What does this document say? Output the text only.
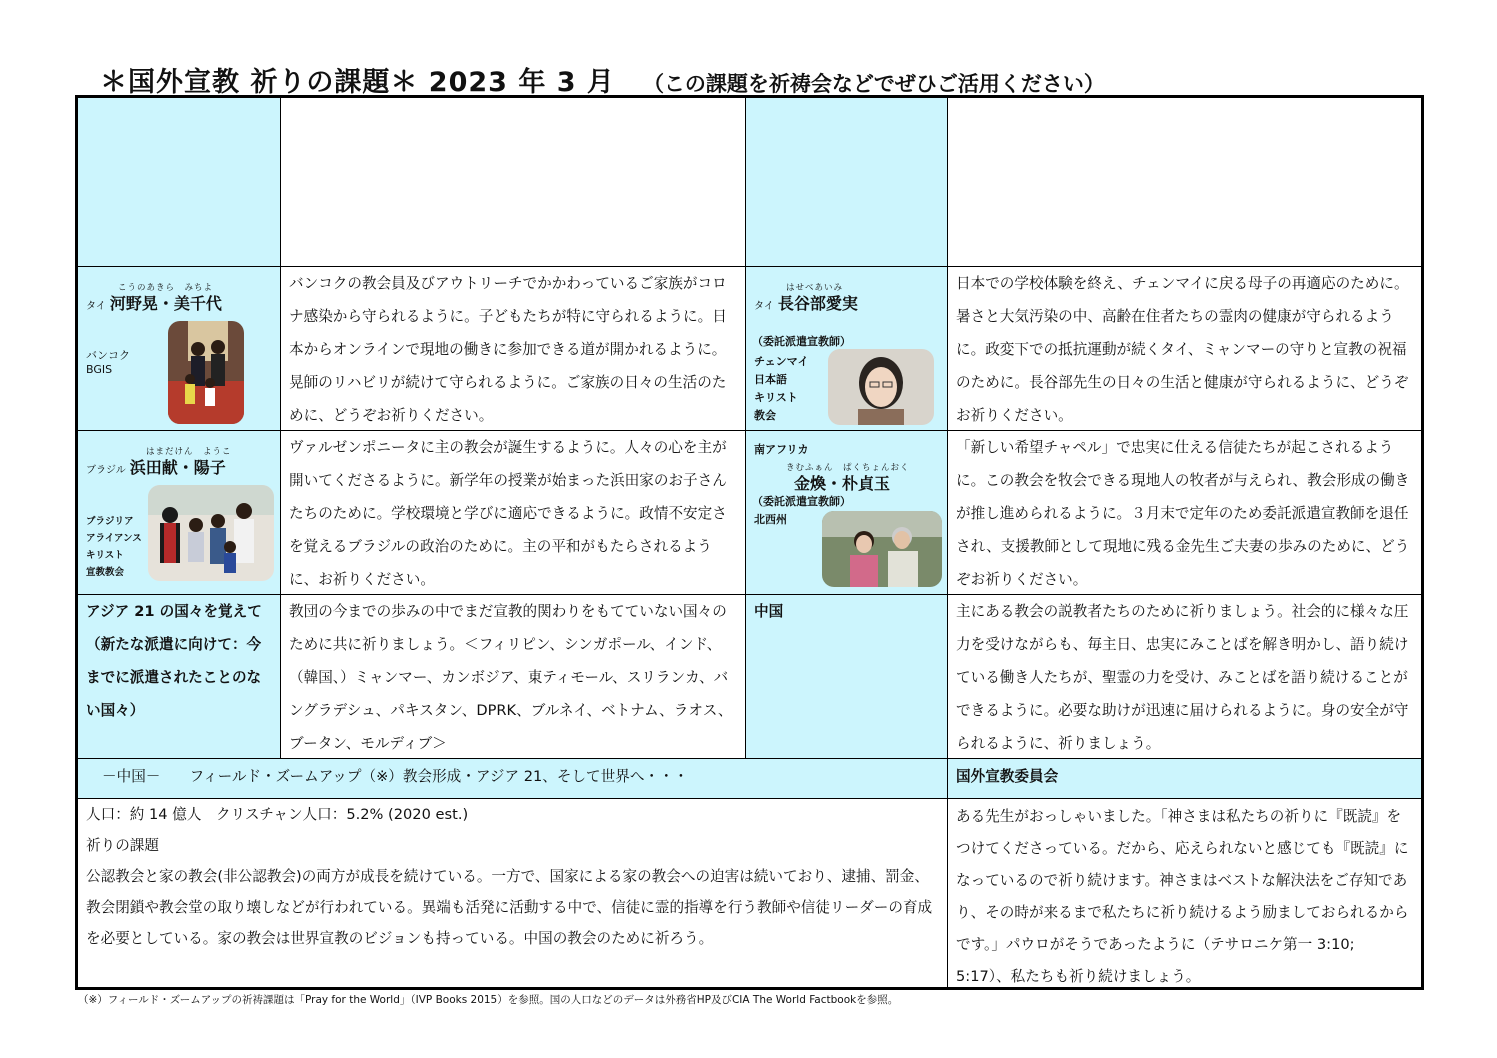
＊国外宣教 祈りの課題＊ 2023 年 3 月 （この課題を祈祷会などでぜひご活用ください）
こうのあきら　みちよ
タイ 河野晃・美千代
バンコク
BGIS
バンコクの教会員及びアウトリーチでかかわっているご家族がコロナ感染から守られるように。子どもたちが特に守られるように。日本からオンラインで現地の働きに参加できる道が開かれるように。晃師のリハビリが続けて守られるように。ご家族の日々の生活のために、どうぞお祈りください。
はせべあいみ
タイ 長谷部愛実
（委託派遣宣教師）
チェンマイ
日本語
キリスト
教会
日本での学校体験を終え、チェンマイに戻る母子の再適応のために。暑さと大気汚染の中、高齢在住者たちの霊肉の健康が守られるように。政変下での抵抗運動が続くタイ、ミャンマーの守りと宣教の祝福のために。長谷部先生の日々の生活と健康が守られるように、どうぞお祈りください。
はまだけん　ようこ
ブラジル 浜田献・陽子
ブラジリア
アライアンス
キリスト
宣教教会
ヴァルゼンポニータに主の教会が誕生するように。人々の心を主が開いてくださるように。新学年の授業が始まった浜田家のお子さんたちのために。学校環境と学びに適応できるように。政情不安定さを覚えるブラジルの政治のために。主の平和がもたらされるように、お祈りください。
南アフリカ
きむふぁん　ぱくちょんおく
金煥・朴貞玉
（委託派遣宣教師）
北西州
「新しい希望チャペル」で忠実に仕える信徒たちが起こされるように。この教会を牧会できる現地人の牧者が与えられ、教会形成の働きが推し進められるように。３月末で定年のため委託派遣宣教師を退任され、支援教師として現地に残る金先生ご夫妻の歩みのために、どうぞお祈りください。
アジア 21 の国々を覚えて（新たな派遣に向けて：今までに派遣されたことのない国々）
教団の今までの歩みの中でまだ宣教的関わりをもてていない国々のために共に祈りましょう。＜フィリピン、シンガポール、インド、（韓国、）ミャンマー、カンボジア、東ティモール、スリランカ、バングラデシュ、パキスタン、DPRK、ブルネイ、ベトナム、ラオス、ブータン、モルディブ＞
中国	主にある教会の説教者たちのために祈りましょう。社会的に様々な圧力を受けながらも、毎主日、忠実にみことばを解き明かし、語り続けている働き人たちが、聖霊の力を受け、みことばを語り続けることができるように。必要な助けが迅速に届けられるように。身の安全が守られるように、祈りましょう。
－中国－　　フィールド・ズームアップ（※）教会形成・アジア 21、そして世界へ・・・	国外宣教委員会
人口：約 14 億人　クリスチャン人口：5.2% (2020 est.)
祈りの課題
公認教会と家の教会(非公認教会)の両方が成長を続けている。一方で、国家による家の教会への迫害は続いており、逮捕、罰金、教会閉鎖や教会堂の取り壊しなどが行われている。異端も活発に活動する中で、信徒に霊的指導を行う教師や信徒リーダーの育成を必要としている。家の教会は世界宣教のビジョンも持っている。中国の教会のために祈ろう。
ある先生がおっしゃいました。「神さまは私たちの祈りに『既読』をつけてくださっている。だから、応えられないと感じても『既読』になっているので祈り続けます。神さまはベストな解決法をご存知であり、その時が来るまで私たちに祈り続けるよう励ましておられるからです。」パウロがそうであったように（テサロニケ第一 3:10; 5:17）、私たちも祈り続けましょう。
（※）フィールド・ズームアップの祈祷課題は「Pray for the World」（IVP Books 2015）を参照。国の人口などのデータは外務省HP及びCIA The World Factbookを参照。
